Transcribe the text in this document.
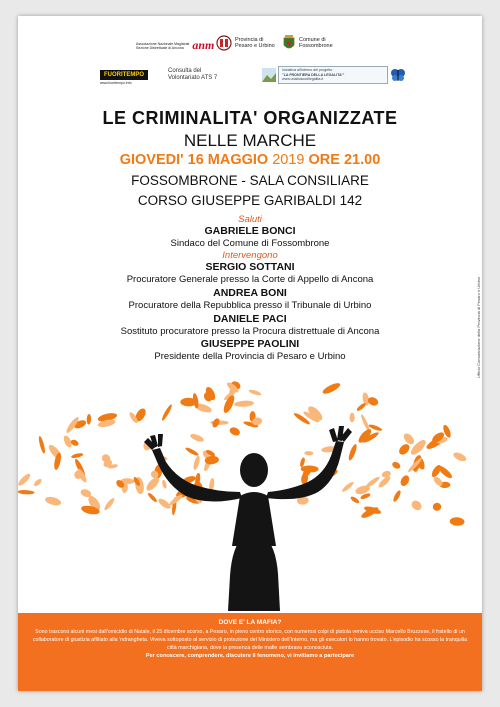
Associazione Nazionale Magistrati
Sezione Distrettuale di Ancona anm	Provincia di
Pesaro e Urbino
Comune di
Fossombrone
FUORITEMPO
www.fuoritempo.info
Consulta del
Volontariato ATS 7
Iniziativa all'interno del progetto
"LA FRONTIERA DELLA LEGALITA'"
www.unaboscodilegalita.it
LE CRIMINALITA' ORGANIZZATE
NELLE MARCHE
GIOVEDI' 16 MAGGIO 2019 ORE 21.00
FOSSOMBRONE - SALA CONSILIARE
CORSO GIUSEPPE GARIBALDI 142
Saluti
GABRIELE BONCI
Sindaco del Comune di Fossombrone
Intervengono
SERGIO SOTTANI
Procuratore Generale presso la Corte di Appello di Ancona
ANDREA BONI
Procuratore della Repubblica presso il Tribunale di Urbino
DANIELE PACI
Sostituto procuratore presso la Procura distrettuale di Ancona
GIUSEPPE PAOLINI
Presidente della Provincia di Pesaro e Urbino	Ufficio Comunicazione della Provincia di Pesaro e Urbino
DOVE E' LA MAFIA?
Sono trascorsi alcuni mesi dall'omicidio di Natale, il 25 dicembre scorso, a Pesaro, in pieno centro storico, con numerosi colpi di pistola veniva ucciso Marcello Bruzzese, il fratello di un collaboratore di giustizia affiliato alla 'ndrangheta. Viveva sottoposto al servizio di protezione del Ministero dell'Interno, ma gli esecutori lo hanno trovato. L'episodio ha scosso la tranquilla città marchigiana, dove la presenza delle mafie sembrava sconosciuta.
Per conoscere, comprendere, discutere il fenomeno, vi invitiamo a partecipare
